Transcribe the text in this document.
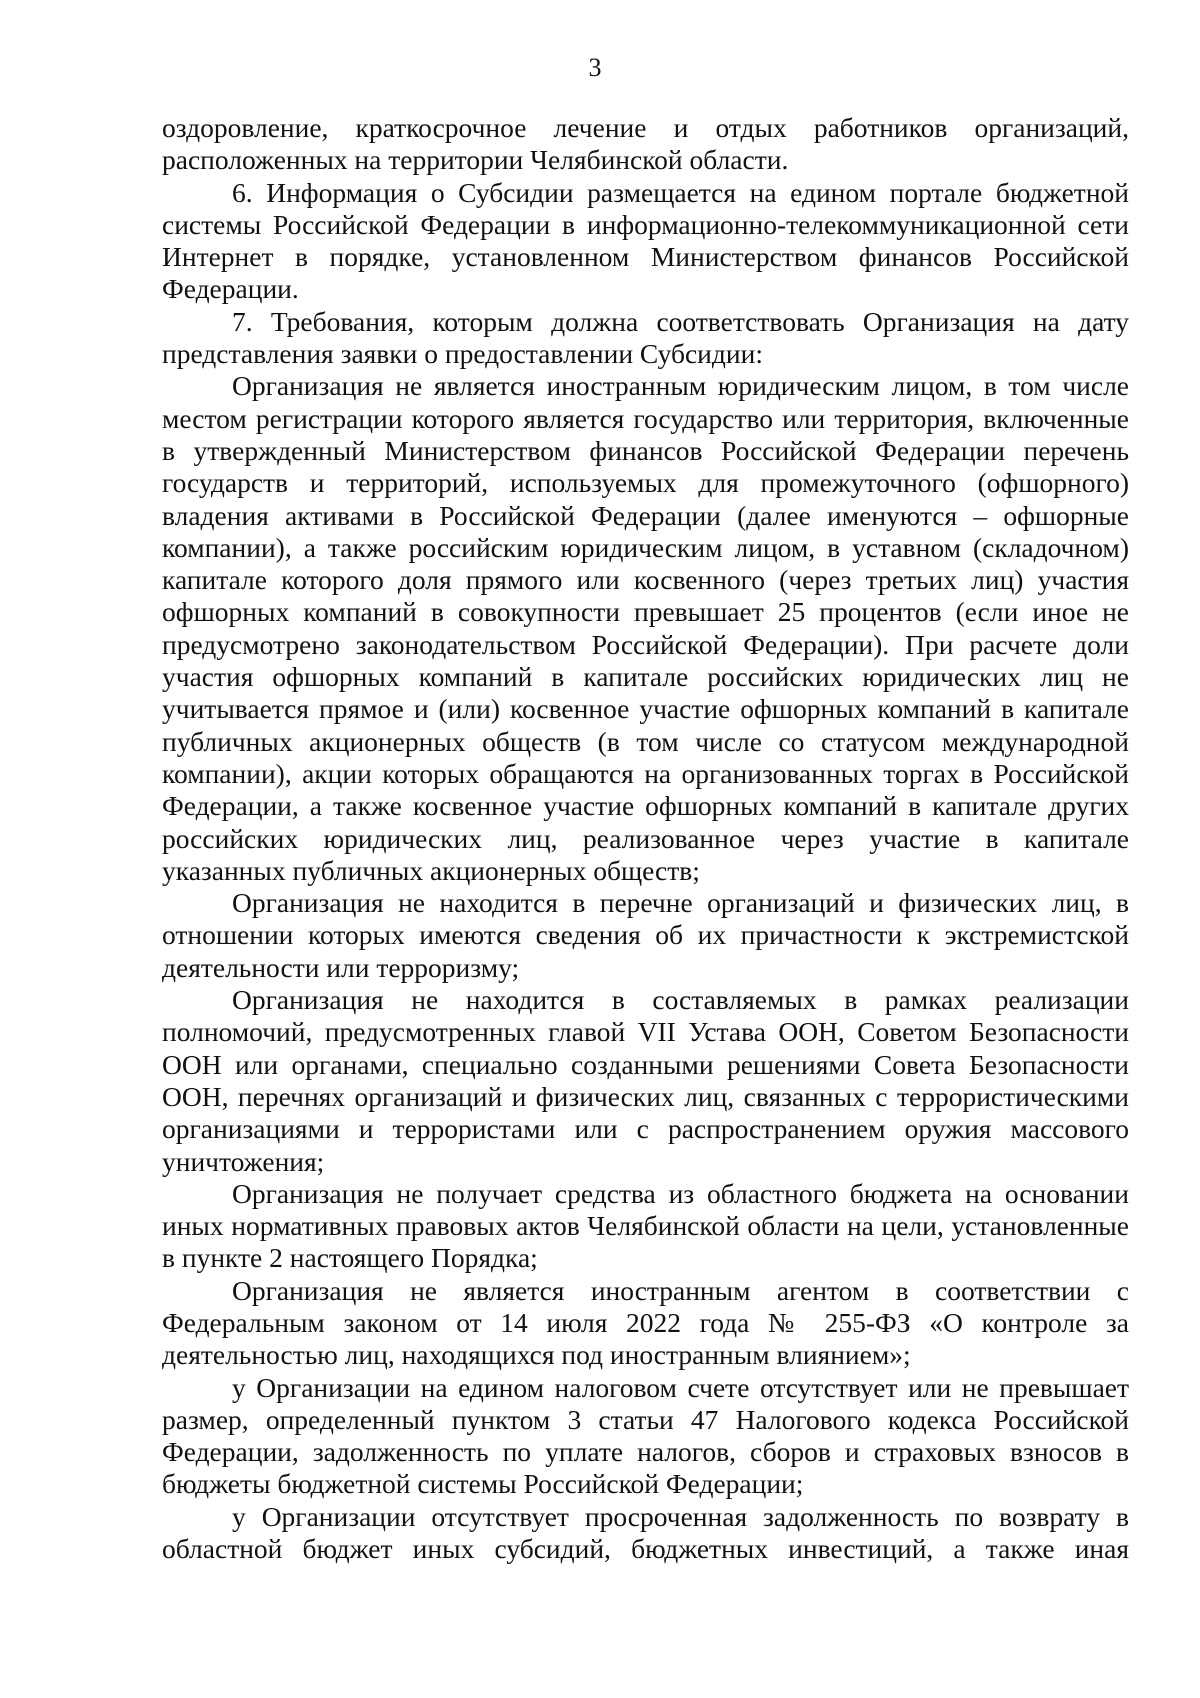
3

оздоровление, краткосрочное лечение и отдых работников организаций, расположенных на территории Челябинской области.

6. Информация о Субсидии размещается на едином портале бюджетной системы Российской Федерации в информационно-телекоммуникационной сети Интернет в порядке, установленном Министерством финансов Российской Федерации.

7. Требования, которым должна соответствовать Организация на дату представления заявки о предоставлении Субсидии:

Организация не является иностранным юридическим лицом, в том числе местом регистрации которого является государство или территория, включенные в утвержденный Министерством финансов Российской Федерации перечень государств и территорий, используемых для промежуточного (офшорного) владения активами в Российской Федерации (далее именуются – офшорные компании), а также российским юридическим лицом, в уставном (складочном) капитале которого доля прямого или косвенного (через третьих лиц) участия офшорных компаний в совокупности превышает 25 процентов (если иное не предусмотрено законодательством Российской Федерации). При расчете доли участия офшорных компаний в капитале российских юридических лиц не учитывается прямое и (или) косвенное участие офшорных компаний в капитале публичных акционерных обществ (в том числе со статусом международной компании), акции которых обращаются на организованных торгах в Российской Федерации, а также косвенное участие офшорных компаний в капитале других российских юридических лиц, реализованное через участие в капитале указанных публичных акционерных обществ;

Организация не находится в перечне организаций и физических лиц, в отношении которых имеются сведения об их причастности к экстремистской деятельности или терроризму;

Организация не находится в составляемых в рамках реализации полномочий, предусмотренных главой VII Устава ООН, Советом Безопасности ООН или органами, специально созданными решениями Совета Безопасности ООН, перечнях организаций и физических лиц, связанных с террористическими организациями и террористами или с распространением оружия массового уничтожения;

Организация не получает средства из областного бюджета на основании иных нормативных правовых актов Челябинской области на цели, установленные в пункте 2 настоящего Порядка;

Организация не является иностранным агентом в соответствии с Федеральным законом от 14 июля 2022 года № 255-ФЗ «О контроле за деятельностью лиц, находящихся под иностранным влиянием»;

у Организации на едином налоговом счете отсутствует или не превышает размер, определенный пунктом 3 статьи 47 Налогового кодекса Российской Федерации, задолженность по уплате налогов, сборов и страховых взносов в бюджеты бюджетной системы Российской Федерации;

у Организации отсутствует просроченная задолженность по возврату в областной бюджет иных субсидий, бюджетных инвестиций, а также иная
